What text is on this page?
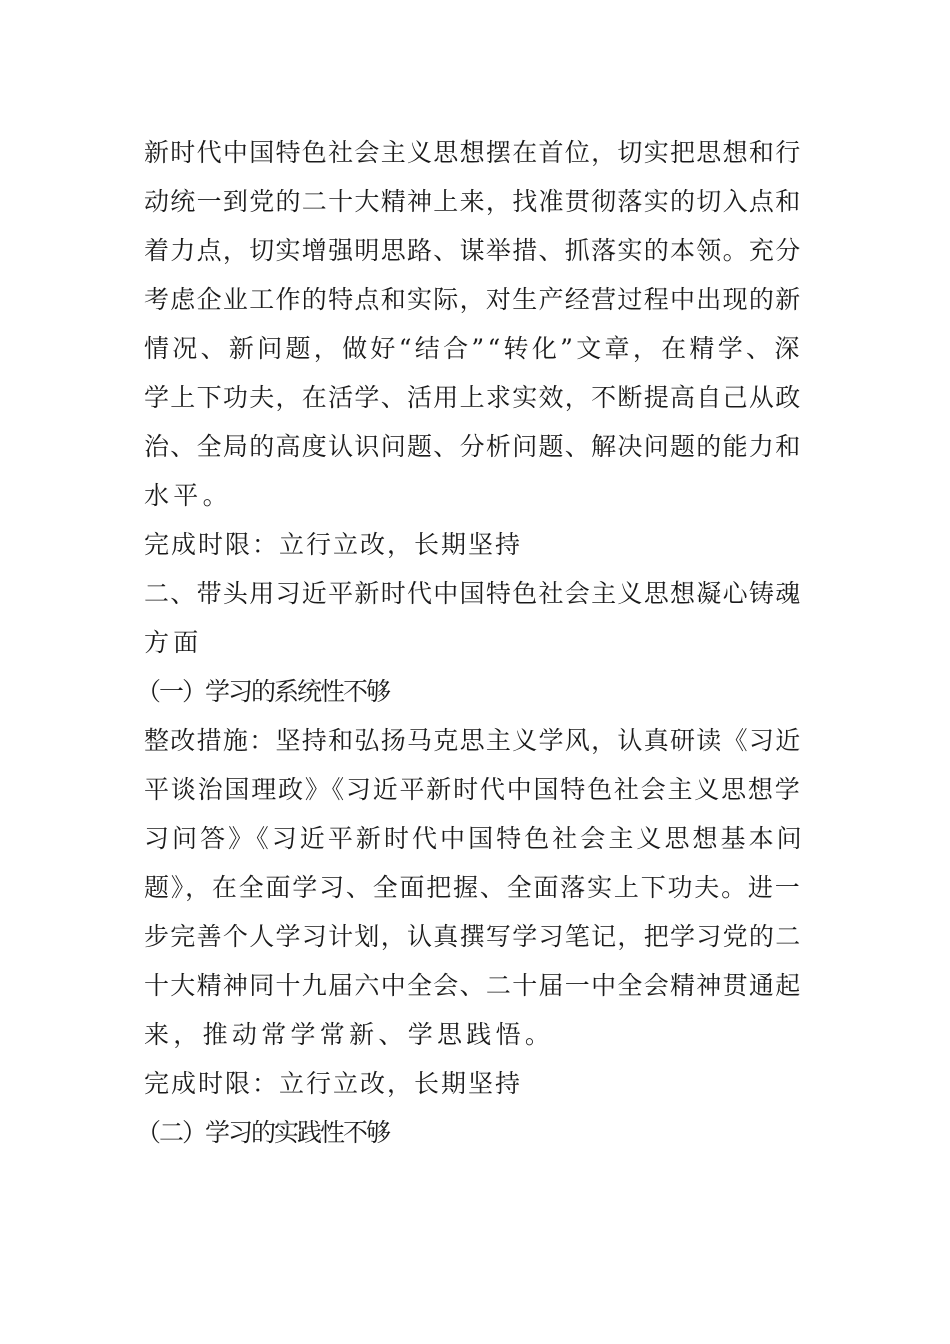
新时代中国特色社会主义思想摆在首位，切实把思想和行
动统一到党的二十大精神上来，找准贯彻落实的切入点和
着力点，切实增强明思路、谋举措、抓落实的本领。充分
考虑企业工作的特点和实际，对生产经营过程中出现的新
情况、新问题，做好“结合”“转化”文章，在精学、深
学上下功夫，在活学、活用上求实效，不断提高自己从政
治、全局的高度认识问题、分析问题、解决问题的能力和
水平。
完成时限：立行立改，长期坚持
二、带头用习近平新时代中国特色社会主义思想凝心铸魂
方面
（一）学习的系统性不够
整改措施：坚持和弘扬马克思主义学风，认真研读《习近
平谈治国理政》《习近平新时代中国特色社会主义思想学
习问答》《习近平新时代中国特色社会主义思想基本问
题》，在全面学习、全面把握、全面落实上下功夫。进一
步完善个人学习计划，认真撰写学习笔记，把学习党的二
十大精神同十九届六中全会、二十届一中全会精神贯通起
来，推动常学常新、学思践悟。
完成时限：立行立改，长期坚持
（二）学习的实践性不够
